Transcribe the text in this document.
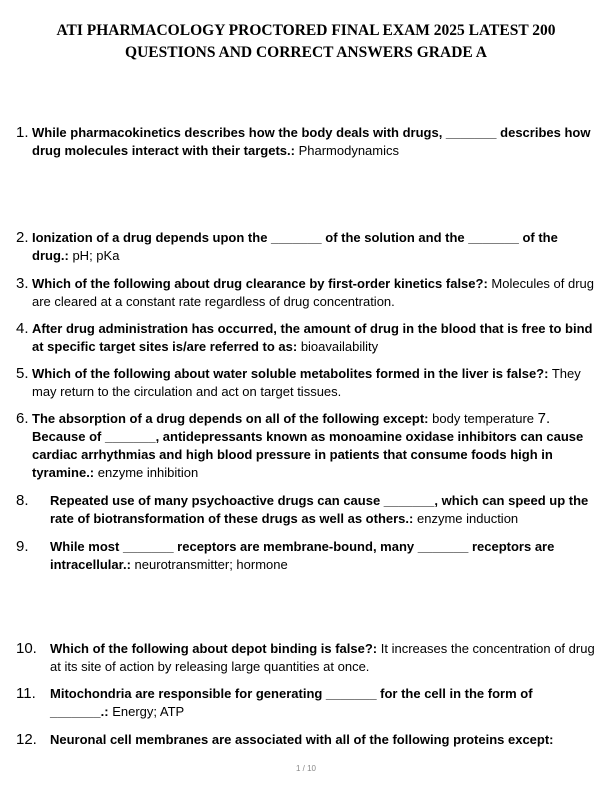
ATI PHARMACOLOGY PROCTORED FINAL EXAM 2025 LATEST 200 QUESTIONS AND CORRECT ANSWERS GRADE A
1. While pharmacokinetics describes how the body deals with drugs, _______ describes how drug molecules interact with their targets.: Pharmodynamics
2. Ionization of a drug depends upon the _______ of the solution and the _______ of the drug.: pH; pKa
3. Which of the following about drug clearance by first-order kinetics false?: Molecules of drug are cleared at a constant rate regardless of drug concentration.
4. After drug administration has occurred, the amount of drug in the blood that is free to bind at specific target sites is/are referred to as: bioavailability
5. Which of the following about water soluble metabolites formed in the liver is false?: They may return to the circulation and act on target tissues.
6. The absorption of a drug depends on all of the following except: body temperature 7. Because of _______, antidepressants known as monoamine oxidase inhibitors can cause cardiac arrhythmias and high blood pressure in patients that consume foods high in tyramine.: enzyme inhibition
8. Repeated use of many psychoactive drugs can cause _______, which can speed up the rate of biotransformation of these drugs as well as others.: enzyme induction
9. While most _______ receptors are membrane-bound, many _______ receptors are intracellular.: neurotransmitter; hormone
10. Which of the following about depot binding is false?: It increases the concentration of drug at its site of action by releasing large quantities at once.
11. Mitochondria are responsible for generating _______ for the cell in the form of _______.: Energy; ATP
12. Neuronal cell membranes are associated with all of the following proteins except:
1 / 10
